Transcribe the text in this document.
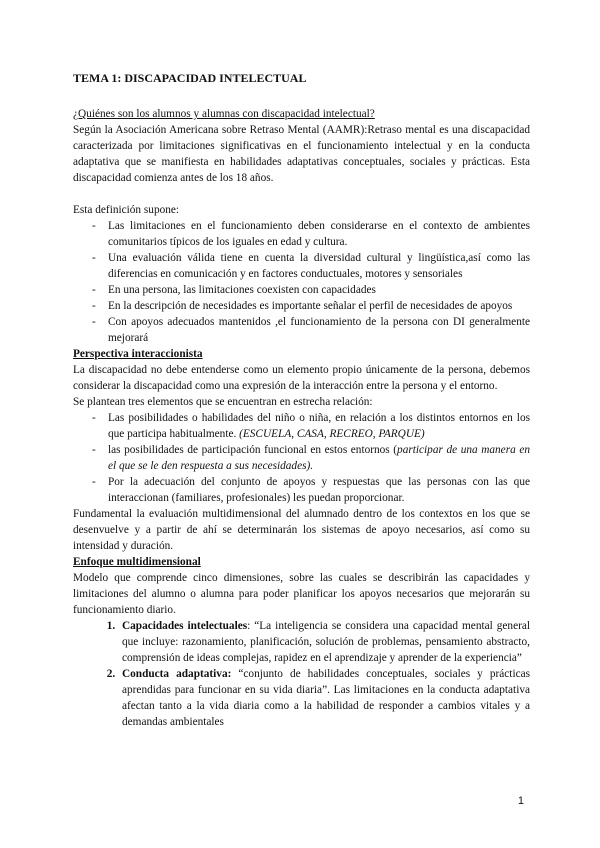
TEMA 1: DISCAPACIDAD INTELECTUAL
¿Quiénes son los alumnos y alumnas con discapacidad intelectual?
Según la Asociación Americana sobre Retraso Mental (AAMR):Retraso mental es una discapacidad caracterizada por limitaciones significativas en el funcionamiento intelectual y en la conducta adaptativa que se manifiesta en habilidades adaptativas conceptuales, sociales y prácticas. Esta discapacidad comienza antes de los 18 años.
Esta definición supone:
- Las limitaciones en el funcionamiento deben considerarse en el contexto de ambientes comunitarios típicos de los iguales en edad y cultura.
- Una evaluación válida tiene en cuenta la diversidad cultural y lingüística,así como las diferencias en comunicación y en factores conductuales, motores y sensoriales
- En una persona, las limitaciones coexisten con capacidades
- En la descripción de necesidades es importante señalar el perfil de necesidades de apoyos
- Con apoyos adecuados mantenidos ,el funcionamiento de la persona con DI generalmente mejorará
Perspectiva interaccionista
La discapacidad no debe entenderse como un elemento propio únicamente de la persona, debemos considerar la discapacidad como una expresión de la interacción entre la persona y el entorno.
Se plantean tres elementos que se encuentran en estrecha relación:
- Las posibilidades o habilidades del niño o niña, en relación a los distintos entornos en los que participa habitualmente. (ESCUELA, CASA, RECREO, PARQUE)
- las posibilidades de participación funcional en estos entornos (participar de una manera en el que se le den respuesta a sus necesidades).
- Por la adecuación del conjunto de apoyos y respuestas que las personas con las que interaccionan (familiares, profesionales) les puedan proporcionar.
Fundamental la evaluación multidimensional del alumnado dentro de los contextos en los que se desenvuelve y a partir de ahí se determinarán los sistemas de apoyo necesarios, así como su intensidad y duración.
Enfoque multidimensional
Modelo que comprende cinco dimensiones, sobre las cuales se describirán las capacidades y limitaciones del alumno o alumna para poder planificar los apoyos necesarios que mejorarán su funcionamiento diario.
1. Capacidades intelectuales: “La inteligencia se considera una capacidad mental general que incluye: razonamiento, planificación, solución de problemas, pensamiento abstracto, comprensión de ideas complejas, rapidez en el aprendizaje y aprender de la experiencia”
2. Conducta adaptativa: “conjunto de habilidades conceptuales, sociales y prácticas aprendidas para funcionar en su vida diaria”. Las limitaciones en la conducta adaptativa afectan tanto a la vida diaria como a la habilidad de responder a cambios vitales y a demandas ambientales
1
